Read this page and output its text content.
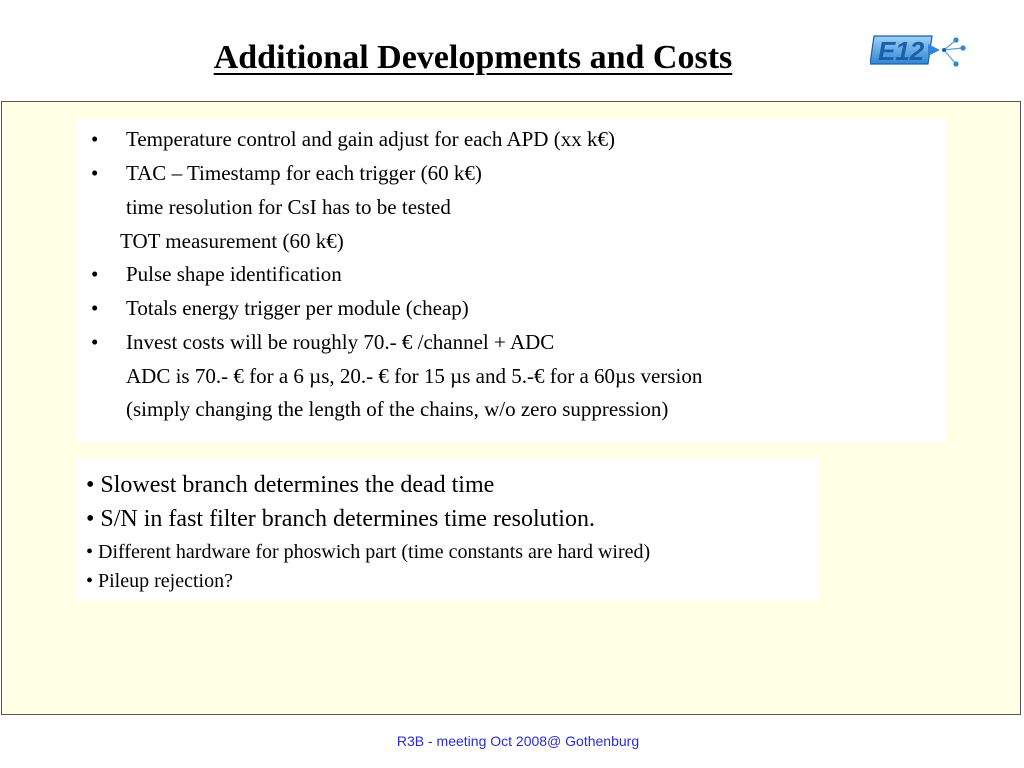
Additional Developments and Costs	E12
• Temperature control and gain adjust for each APD (xx k€)
• TAC – Timestamp for each trigger (60 k€)
time resolution for CsI has to be tested
TOT measurement (60 k€)
• Pulse shape identification
• Totals energy trigger per module (cheap)
• Invest costs will be roughly 70.- € /channel + ADC
ADC is 70.- € for a 6 µs, 20.- € for 15 µs and 5.-€ for a 60µs version
(simply changing the length of the chains, w/o zero suppression)
• Slowest branch determines the dead time
• S/N in fast filter branch determines time resolution.
• Different hardware for phoswich part (time constants are hard wired)
• Pileup rejection?
R3B - meeting Oct 2008@ Gothenburg
